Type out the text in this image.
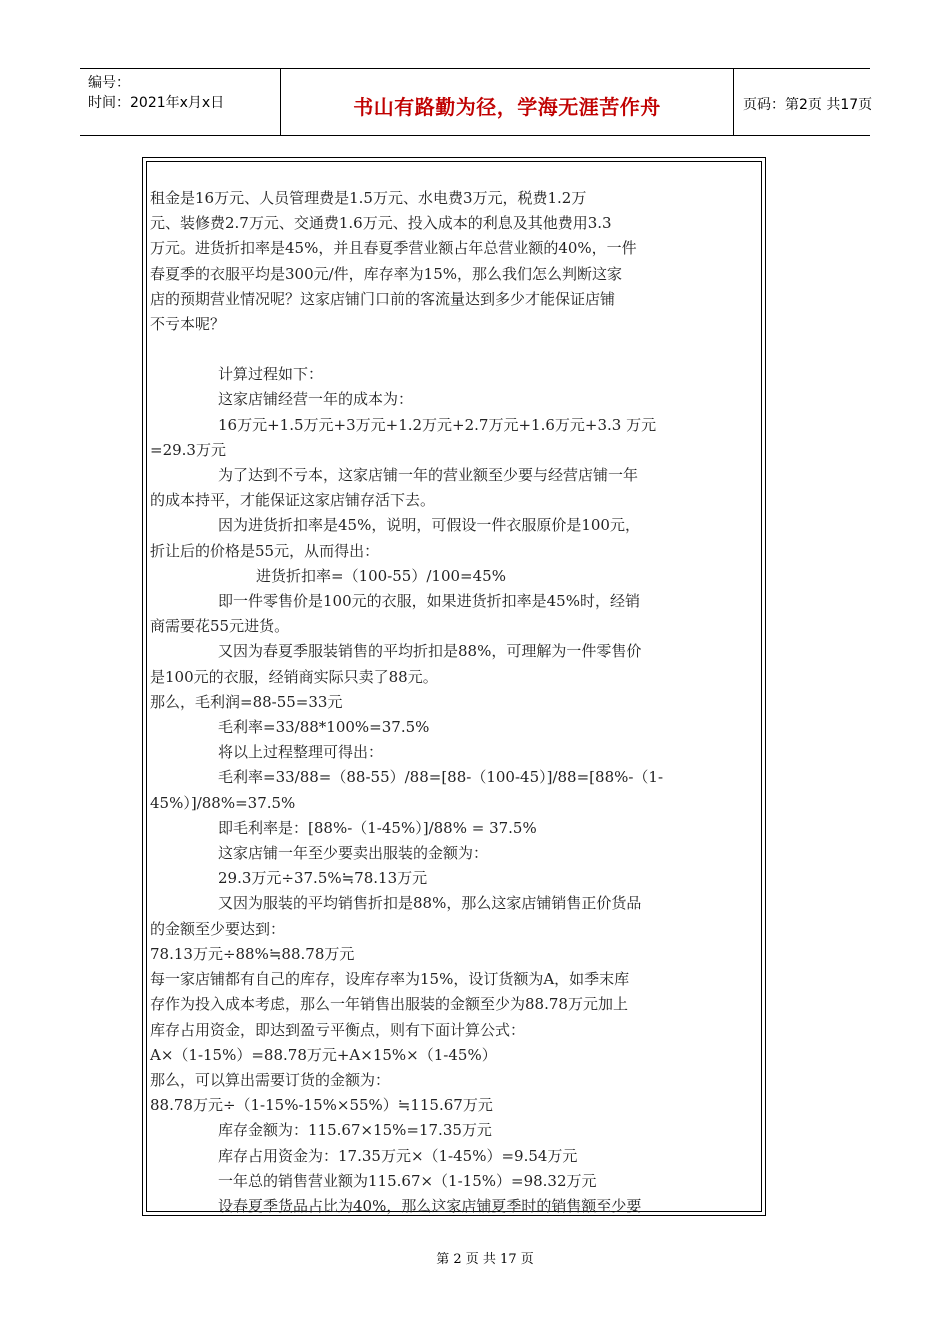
编号：
时间：2021年x月x日	书山有路勤为径，学海无涯苦作舟	页码：第2页 共17页

租金是16万元、人员管理费是1.5万元、水电费3万元，税费1.2万

元、装修费2.7万元、交通费1.6万元、投入成本的利息及其他费用3.3

万元。进货折扣率是45%，并且春夏季营业额占年总营业额的40%，一件

春夏季的衣服平均是300元/件，库存率为15%，那么我们怎么判断这家

店的预期营业情况呢？这家店铺门口前的客流量达到多少才能保证店铺

不亏本呢？

计算过程如下：

这家店铺经营一年的成本为：

16万元+1.5万元+3万元+1.2万元+2.7万元+1.6万元+3.3 万元

=29.3万元

为了达到不亏本，这家店铺一年的营业额至少要与经营店铺一年

的成本持平，才能保证这家店铺存活下去。

因为进货折扣率是45%，说明，可假设一件衣服原价是100元，

折让后的价格是55元，从而得出：

进货折扣率=（100-55）/100=45%

即一件零售价是100元的衣服，如果进货折扣率是45%时，经销

商需要花55元进货。

又因为春夏季服装销售的平均折扣是88%，可理解为一件零售价

是100元的衣服，经销商实际只卖了88元。

那么，毛利润=88-55=33元

毛利率=33/88*100%=37.5%

将以上过程整理可得出：

毛利率=33/88=（88-55）/88=[88-（100-45）]/88=[88%-（1-

45%）]/88%=37.5%

即毛利率是：[88%-（1-45%）]/88% = 37.5%

这家店铺一年至少要卖出服装的金额为：

29.3万元÷37.5%≒78.13万元

又因为服装的平均销售折扣是88%，那么这家店铺销售正价货品

的金额至少要达到：

78.13万元÷88%≒88.78万元

每一家店铺都有自己的库存，设库存率为15%，设订货额为A，如季末库

存作为投入成本考虑，那么一年销售出服装的金额至少为88.78万元加上

库存占用资金，即达到盈亏平衡点，则有下面计算公式：

A×（1-15%）=88.78万元+A×15%×（1-45%）

那么，可以算出需要订货的金额为：

88.78万元÷（1-15%-15%×55%）≒115.67万元

库存金额为：115.67×15%=17.35万元

库存占用资金为：17.35万元×（1-45%）=9.54万元

一年总的销售营业额为115.67×（1-15%）=98.32万元

设春夏季货品占比为40%，那么这家店铺夏季时的销售额至少要

第 2 页 共 17 页
